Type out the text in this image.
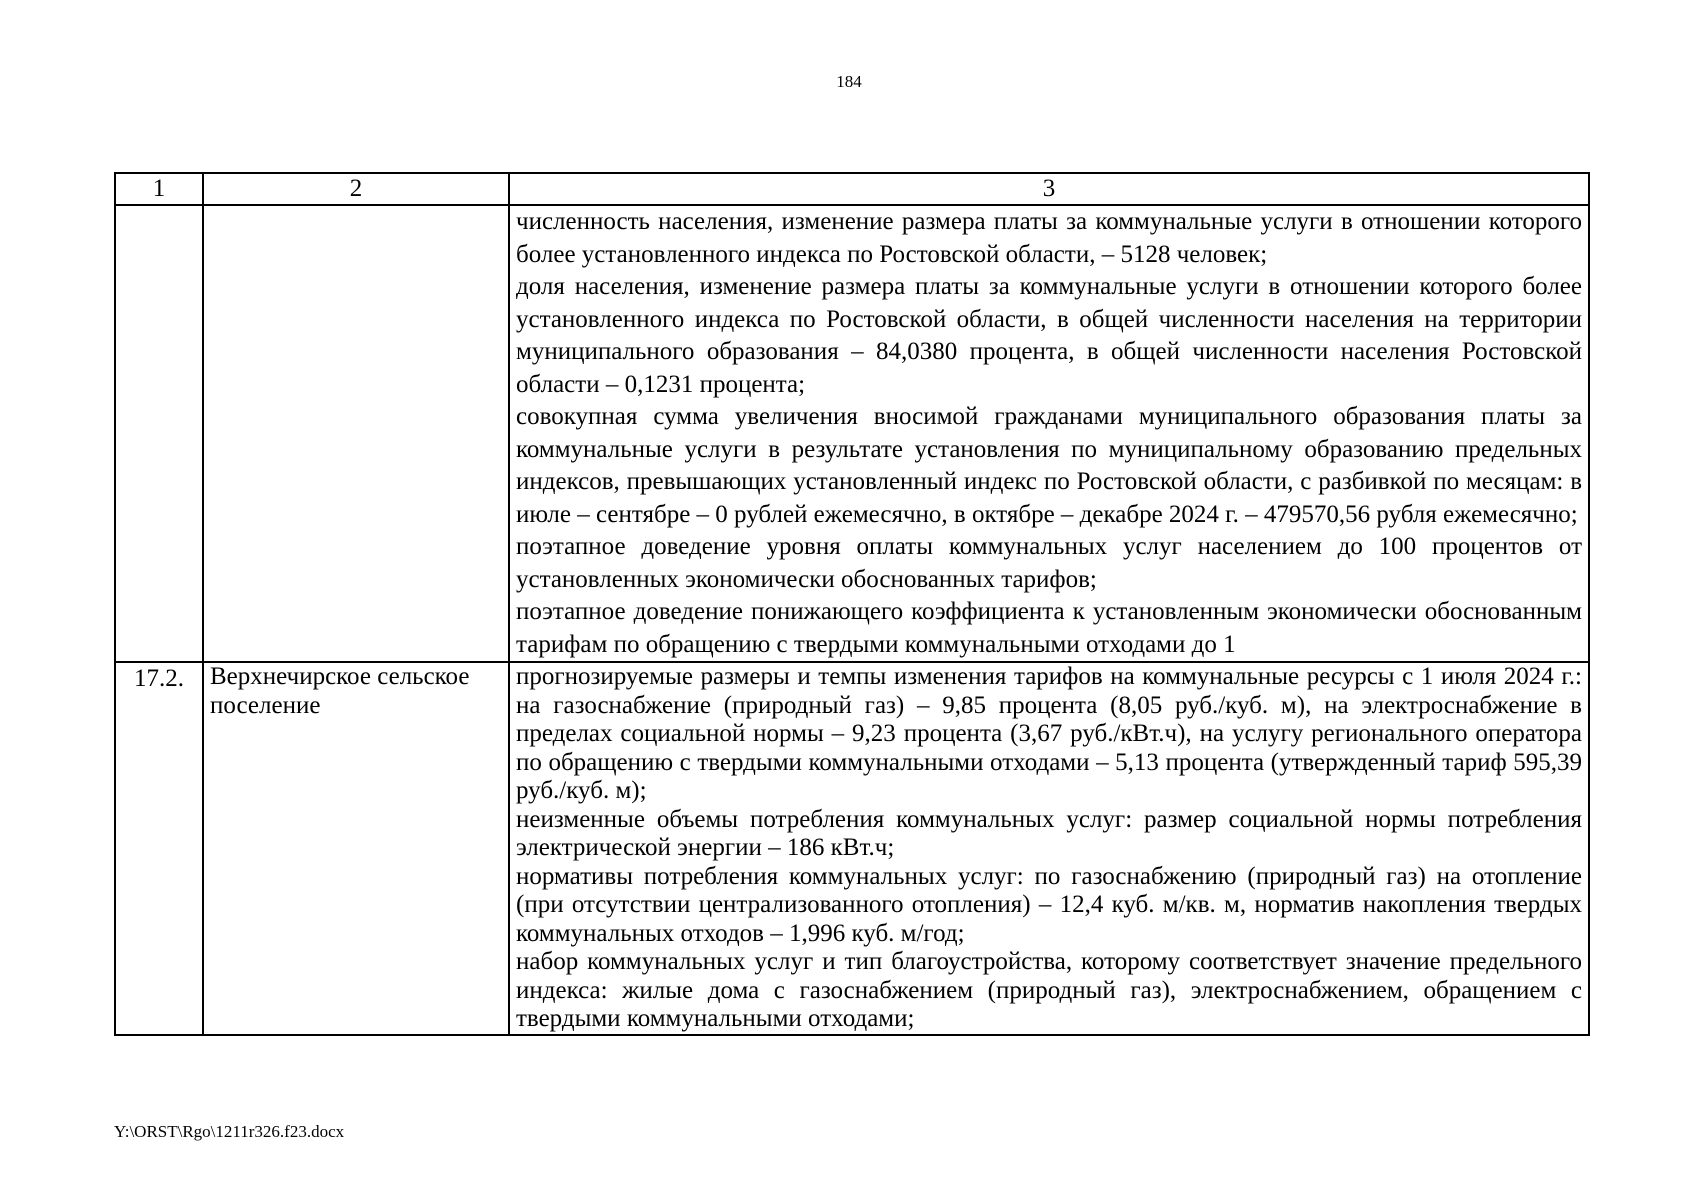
184
1	2	3

		численность населения, изменение размера платы за коммунальные услуги в отношении которого более установленного индекса по Ростовской области, – 5128 человек;
доля населения, изменение размера платы за коммунальные услуги в отношении которого более установленного индекса по Ростовской области, в общей численности населения на территории муниципального образования – 84,0380 процента, в общей численности населения Ростовской области – 0,1231 процента;
совокупная сумма увеличения вносимой гражданами муниципального образования платы за коммунальные услуги в результате установления по муниципальному образованию предельных индексов, превышающих установленный индекс по Ростовской области, с разбивкой по месяцам: в июле – сентябре – 0 рублей ежемесячно, в октябре – декабре 2024 г. – 479570,56 рубля ежемесячно;
поэтапное доведение уровня оплаты коммунальных услуг населением до 100 процентов от установленных экономически обоснованных тарифов;
поэтапное доведение понижающего коэффициента к установленным экономически обоснованным тарифам по обращению с твердыми коммунальными отходами до 1

17.2.	Верхнечирское сельское поселение	прогнозируемые размеры и темпы изменения тарифов на коммунальные ресурсы с 1 июля 2024 г.: на газоснабжение (природный газ) – 9,85 процента (8,05 руб./куб. м), на электроснабжение в пределах социальной нормы – 9,23 процента (3,67 руб./кВт.ч), на услугу регионального оператора по обращению с твердыми коммунальными отходами – 5,13 процента (утвержденный тариф 595,39 руб./куб. м);
неизменные объемы потребления коммунальных услуг: размер социальной нормы потребления электрической энергии – 186 кВт.ч;
нормативы потребления коммунальных услуг: по газоснабжению (природный газ) на отопление (при отсутствии централизованного отопления) – 12,4 куб. м/кв. м, норматив накопления твердых коммунальных отходов – 1,996 куб. м/год;
набор коммунальных услуг и тип благоустройства, которому соответствует значение предельного индекса: жилые дома с газоснабжением (природный газ), электроснабжением, обращением с твердыми коммунальными отходами;
Y:\ORST\Rgo\1211r326.f23.docx
